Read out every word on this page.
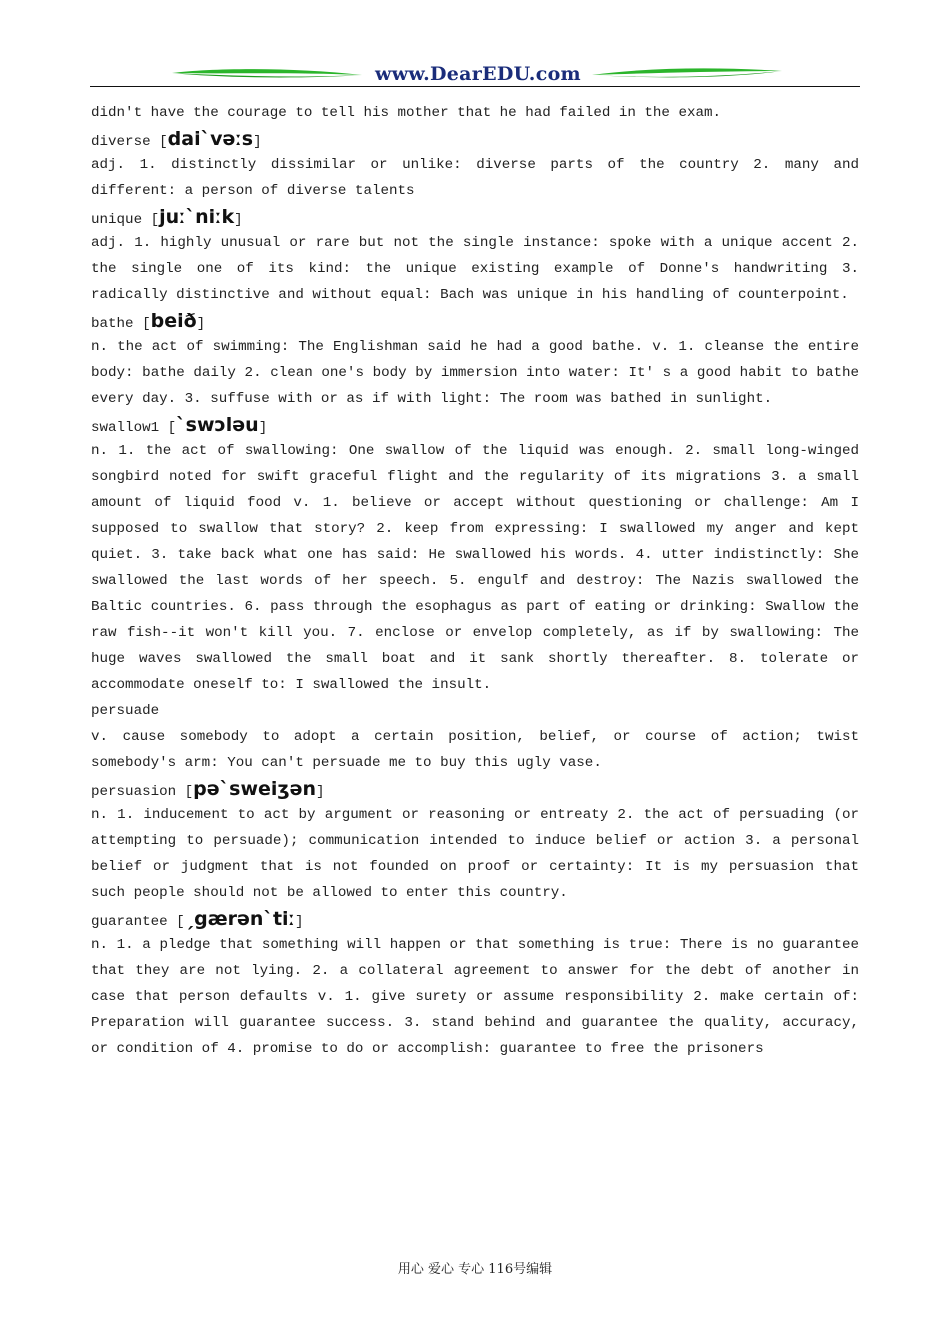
www.DearEDU.com

didn't have the courage to tell his mother that he had failed in the exam.

diverse [daiˋvəːs]

adj. 1. distinctly dissimilar or unlike: diverse parts of the country 2. many and different: a person of diverse talents

unique [juːˋniːk]

adj. 1. highly unusual or rare but not the single instance: spoke with a unique accent 2. the single one of its kind: the unique existing example of Donne's handwriting 3. radically distinctive and without equal: Bach was unique in his handling of counterpoint.

bathe [beið]

n. the act of swimming: The Englishman said he had a good bathe. v. 1. cleanse the entire body: bathe daily 2. clean one's body by immersion into water: It' s a good habit to bathe every day. 3. suffuse with or as if with light: The room was bathed in sunlight.

swallow1 [ˋswɔləu]

n. 1. the act of swallowing: One swallow of the liquid was enough. 2. small long-winged songbird noted for swift graceful flight and the regularity of its migrations 3. a small amount of liquid food v. 1. believe or accept without questioning or challenge: Am I supposed to swallow that story? 2. keep from expressing: I swallowed my anger and kept quiet. 3. take back what one has said: He swallowed his words. 4. utter indistinctly: She swallowed the last words of her speech. 5. engulf and destroy: The Nazis swallowed the Baltic countries. 6. pass through the esophagus as part of eating or drinking: Swallow the raw fish--it won't kill you. 7. enclose or envelop completely, as if by swallowing: The huge waves swallowed the small boat and it sank shortly thereafter. 8. tolerate or accommodate oneself to: I swallowed the insult.

persuade

v. cause somebody to adopt a certain position, belief, or course of action; twist somebody's arm: You can't persuade me to buy this ugly vase.

persuasion [pəˋsweiʒən]

n. 1. inducement to act by argument or reasoning or entreaty 2. the act of persuading (or attempting to persuade); communication intended to induce belief or action 3. a personal belief or judgment that is not founded on proof or certainty: It is my persuasion that such people should not be allowed to enter this country.

guarantee [ˏgærənˋtiː]

n. 1. a pledge that something will happen or that something is true: There is no guarantee that they are not lying. 2. a collateral agreement to answer for the debt of another in case that person defaults v. 1. give surety or assume responsibility 2. make certain of: Preparation will guarantee success. 3. stand behind and guarantee the quality, accuracy, or condition of 4. promise to do or accomplish: guarantee to free the prisoners

用心 爱心 专心 116号编辑
